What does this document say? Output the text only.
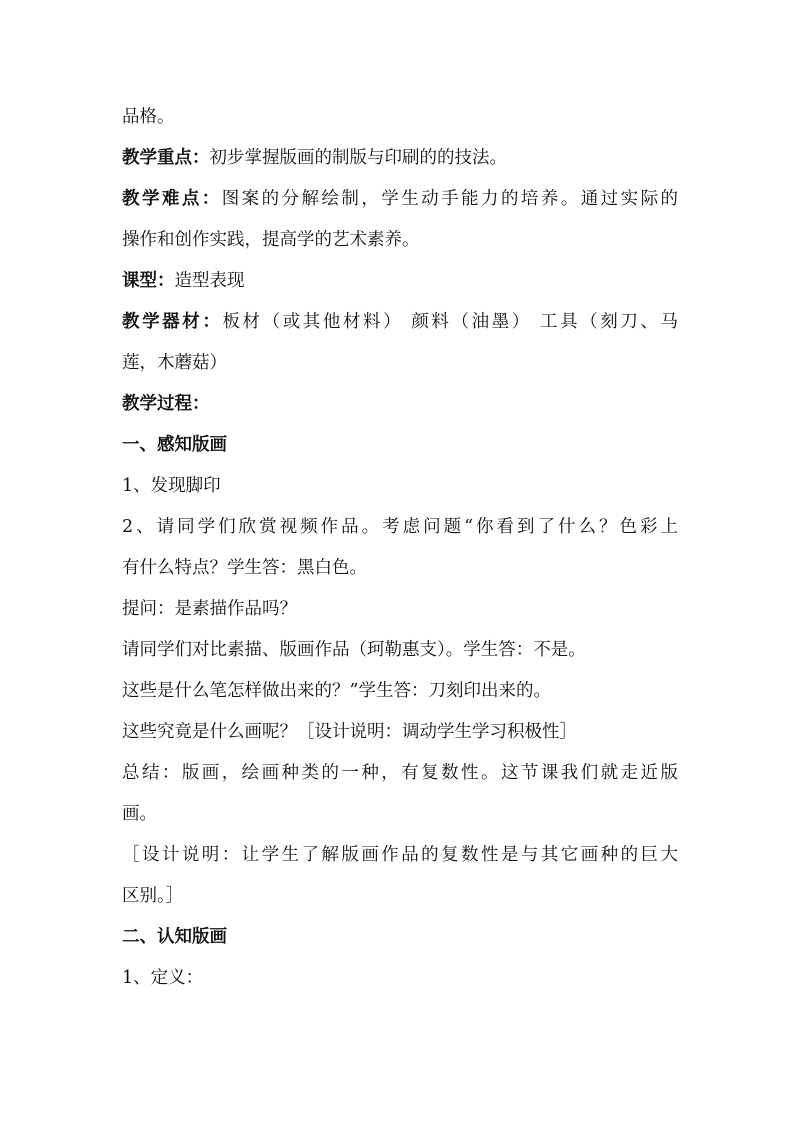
品格。
教学重点：初步掌握版画的制版与印刷的的技法。
教学难点：图案的分解绘制，学生动手能力的培养。通过实际的
操作和创作实践，提高学的艺术素养。
课型：造型表现
教学器材：板材（或其他材料） 颜料（油墨） 工具（刻刀、马
莲，木蘑菇）
教学过程：
一、感知版画
1、发现脚印
2、请同学们欣赏视频作品。考虑问题“你看到了什么？色彩上
有什么特点？学生答：黑白色。
提问：是素描作品吗？
请同学们对比素描、版画作品（珂勒惠支）。学生答：不是。
这些是什么笔怎样做出来的？”学生答：刀刻印出来的。
这些究竟是什么画呢？［设计说明：调动学生学习积极性］
总结：版画，绘画种类的一种，有复数性。这节课我们就走近版
画。
［设计说明：让学生了解版画作品的复数性是与其它画种的巨大
区别。］
二、认知版画
1、定义：
